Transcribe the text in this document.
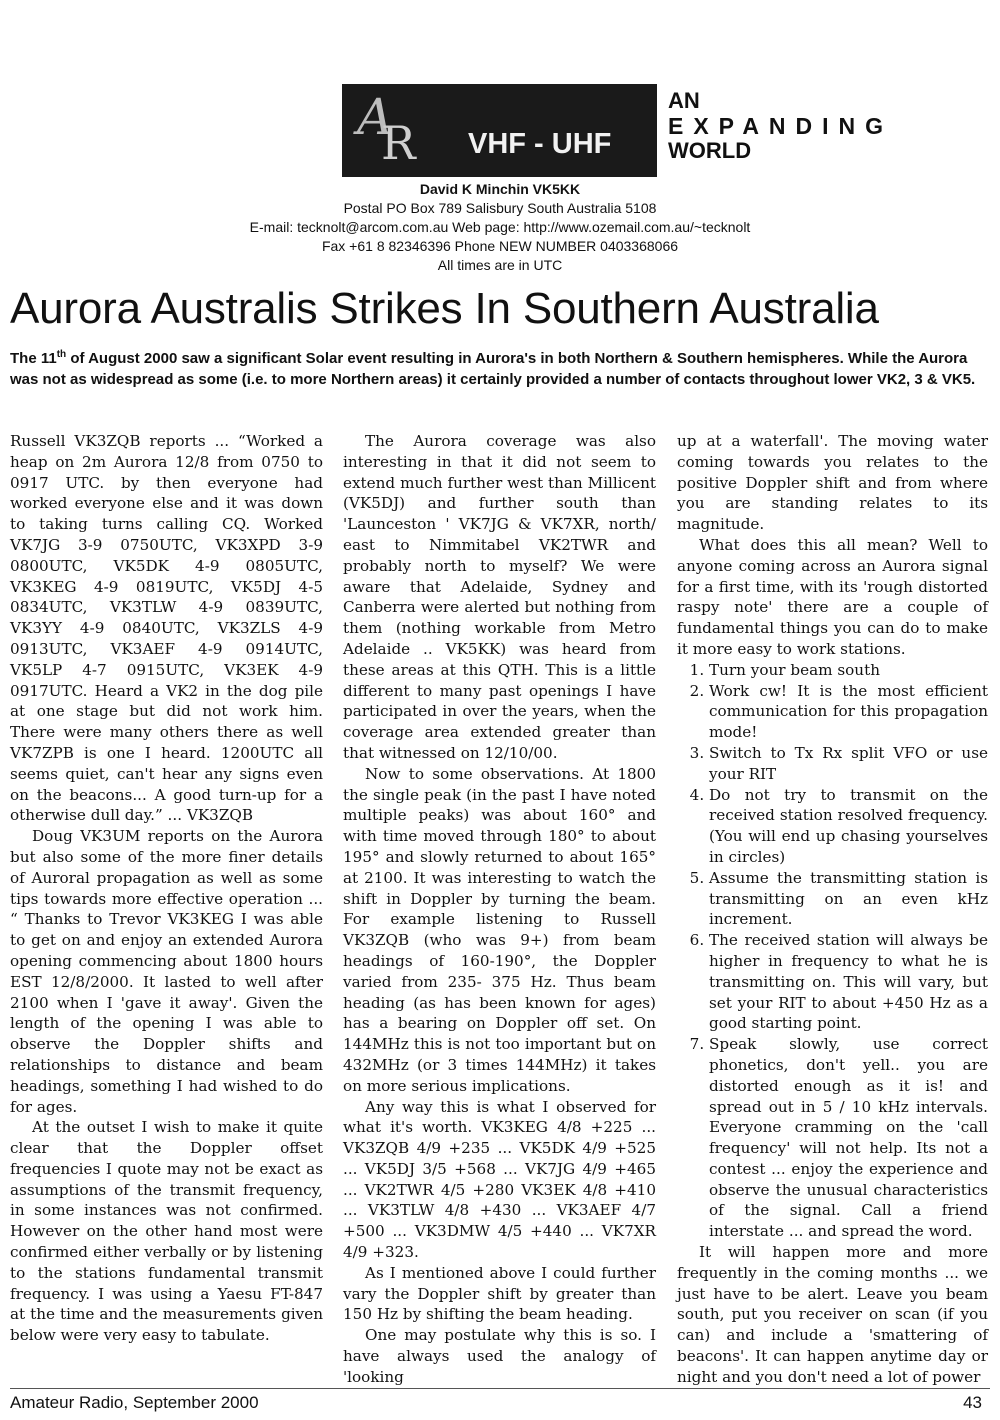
A
R VHF - UHF
AN
EXPANDING
WORLD
David K Minchin VK5KK
Postal PO Box 789 Salisbury South Australia 5108
E-mail: tecknolt@arcom.com.au Web page: http://www.ozemail.com.au/~tecknolt
Fax +61 8 82346396 Phone NEW NUMBER 0403368066
All times are in UTC
Aurora Australis Strikes In Southern Australia
The 11th of August 2000 saw a significant Solar event resulting in Aurora's in both Northern & Southern hemispheres. While the Aurora was not as widespread as some (i.e. to more Northern areas) it certainly provided a number of contacts throughout lower VK2, 3 & VK5.

Russell VK3ZQB reports ... “Worked a heap on 2m Aurora 12/8 from 0750 to 0917 UTC. by then everyone had worked everyone else and it was down to taking turns calling CQ. Worked VK7JG 3-9 0750UTC, VK3XPD 3-9 0800UTC, VK5DK 4-9 0805UTC, VK3KEG 4-9 0819UTC, VK5DJ 4-5 0834UTC, VK3TLW 4-9 0839UTC, VK3YY 4-9 0840UTC, VK3ZLS 4-9 0913UTC, VK3AEF 4-9 0914UTC, VK5LP 4-7 0915UTC, VK3EK 4-9 0917UTC. Heard a VK2 in the dog pile at one stage but did not work him. There were many others there as well VK7ZPB is one I heard. 1200UTC all seems quiet, can't hear any signs even on the beacons... A good turn-up for a otherwise dull day.” ... VK3ZQB

Doug VK3UM reports on the Aurora but also some of the more finer details of Auroral propagation as well as some tips towards more effective operation ... “ Thanks to Trevor VK3KEG I was able to get on and enjoy an extended Aurora opening commencing about 1800 hours EST 12/8/2000. It lasted to well after 2100 when I 'gave it away'. Given the length of the opening I was able to observe the Doppler shifts and relationships to distance and beam headings, something I had wished to do for ages.

At the outset I wish to make it quite clear that the Doppler offset frequencies I quote may not be exact as assumptions of the transmit frequency, in some instances was not confirmed. However on the other hand most were confirmed either verbally or by listening to the stations fundamental transmit frequency. I was using a Yaesu FT-847 at the time and the measurements given below were very easy to tabulate.

The Aurora coverage was also interesting in that it did not seem to extend much further west than Millicent (VK5DJ) and further south than 'Launceston ' VK7JG & VK7XR, north/ east to Nimmitabel VK2TWR and probably north to myself? We were aware that Adelaide, Sydney and Canberra were alerted but nothing from them (nothing workable from Metro Adelaide .. VK5KK) was heard from these areas at this QTH. This is a little different to many past openings I have participated in over the years, when the coverage area extended greater than that witnessed on 12/10/00.

Now to some observations. At 1800 the single peak (in the past I have noted multiple peaks) was about 160° and with time moved through 180° to about 195° and slowly returned to about 165° at 2100. It was interesting to watch the shift in Doppler by turning the beam. For example listening to Russell VK3ZQB (who was 9+) from beam headings of 160-190°, the Doppler varied from 235- 375 Hz. Thus beam heading (as has been known for ages) has a bearing on Doppler off set. On 144MHz this is not too important but on 432MHz (or 3 times 144MHz) it takes on more serious implications.

Any way this is what I observed for what it's worth. VK3KEG 4/8 +225 ... VK3ZQB 4/9 +235 ... VK5DK 4/9 +525 ... VK5DJ 3/5 +568 ... VK7JG 4/9 +465 ... VK2TWR 4/5 +280 VK3EK 4/8 +410 ... VK3TLW 4/8 +430 ... VK3AEF 4/7 +500 ... VK3DMW 4/5 +440 ... VK7XR 4/9 +323.

As I mentioned above I could further vary the Doppler shift by greater than 150 Hz by shifting the beam heading.

One may postulate why this is so. I have always used the analogy of 'looking

up at a waterfall'. The moving water coming towards you relates to the positive Doppler shift and from where you are standing relates to its magnitude.

What does this all mean? Well to anyone coming across an Aurora signal for a first time, with its 'rough distorted raspy note' there are a couple of fundamental things you can do to make it more easy to work stations.

1. Turn your beam south
2. Work cw! It is the most efficient communication for this propagation mode!
3. Switch to Tx Rx split VFO or use your RIT
4. Do not try to transmit on the received station resolved frequency. (You will end up chasing yourselves in circles)
5. Assume the transmitting station is transmitting on an even kHz increment.
6. The received station will always be higher in frequency to what he is transmitting on. This will vary, but set your RIT to about +450 Hz as a good starting point.
7. Speak slowly, use correct phonetics, don't yell.. you are distorted enough as it is! and spread out in 5 / 10 kHz intervals. Everyone cramming on the 'call frequency' will not help. Its not a contest ... enjoy the experience and observe the unusual characteristics of the signal. Call a friend interstate ... and spread the word.

It will happen more and more frequently in the coming months ... we just have to be alert. Leave you beam south, put you receiver on scan (if you can) and include a 'smattering of beacons'. It can happen anytime day or night and you don't need a lot of power

Amateur Radio, September 2000	43
